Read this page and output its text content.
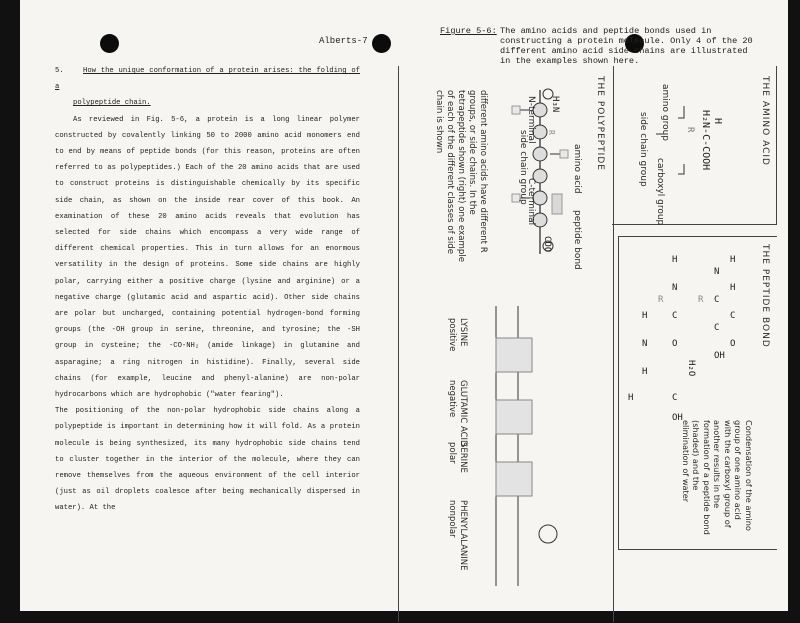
Alberts-7

5.	How the unique conformation of a protein arises: the folding of a

polypeptide chain.

As reviewed in Fig. 5-6, a protein is a long linear polymer constructed by covalently linking 50 to 2000 amino acid monomers end to end by means of peptide bonds (for this reason, proteins are often referred to as polypeptides.) Each of the 20 amino acids that are used to construct proteins is distinguishable chemically by its specific side chain, as shown on the inside rear cover of this book. An examination of these 20 amino acids reveals that evolution has selected for side chains which encompass a very wide range of different chemical properties. This in turn allows for an enormous versatility in the design of proteins. Some side chains are highly polar, carrying either a positive charge (lysine and arginine) or a negative charge (glutamic acid and aspartic acid). Other side chains are polar but uncharged, containing potential hydrogen-bond forming groups (the -OH group in serine, threonine, and tyrosine; the -SH group in cysteine; the -CO-NH₂ (amide linkage) in glutamine and asparagine; a ring nitrogen in histidine). Finally, several side chains (for example, leucine and phenyl-alanine) are non-polar hydrocarbons which are hydrophobic ("water fearing").

The positioning of the non-polar hydrophobic side chains along a polypeptide is important in determining how it will fold. As a protein molecule is being synthesized, its many hydrophobic side chains tend to cluster together in the interior of the molecule, where they can remove themselves from the aqueous environment of the cell interior (just as oil droplets coalesce after being mechanically dispersed in water). At the

Figure 5-6: The amino acids and peptide bonds used in constructing a protein molecule. Only 4 of the 20 different amino acid side chains are illustrated in the examples shown here.
THE AMINO ACID
H
H₂N-C-COOH
R
amino group
carboxyl group
side chain group
THE PEPTIDE BOND
H
H
C
O
N
C
C
OH
R
H
N
C
O
R
H
N
H
H	C
OH
H₂O
Condensation of the amino group of one amino acid with the carboxyl group of another results in the formation of a peptide bond (shaded) and the elimination of water
THE POLYPEPTIDE
H₃N
COO
N-terminal
C-terminal
amino acid
side chain group
peptide bond
R
different amino acids have different R groups, or side chains. In the tetrapeptide shown (right) one example of each of the different classes of side chain is shown
LYSINE
positive
GLUTAMIC ACID
negative
SERINE
polar
PHENYLALANINE
nonpolar
